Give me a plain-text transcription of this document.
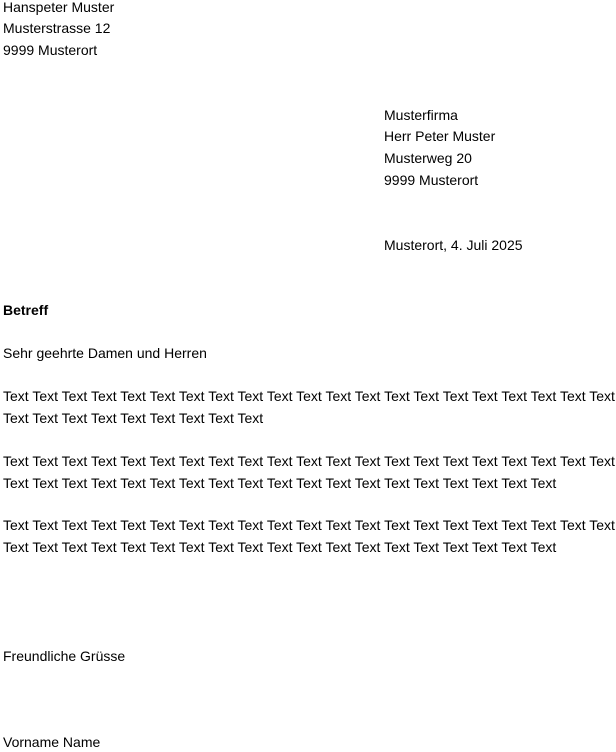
Hanspeter Muster

Musterstrasse 12

9999 Musterort

Musterfirma

Herr Peter Muster

Musterweg 20

9999 Musterort

Musterort, 4. Juli 2025

Betreff

Sehr geehrte Damen und Herren

Text Text Text Text Text Text Text Text Text Text Text Text Text Text Text Text Text Text Text Text Text

Text Text Text Text Text Text Text Text Text

Text Text Text Text Text Text Text Text Text Text Text Text Text Text Text Text Text Text Text Text Text

Text Text Text Text Text Text Text Text Text Text Text Text Text Text Text Text Text Text Text

Text Text Text Text Text Text Text Text Text Text Text Text Text Text Text Text Text Text Text Text Text

Text Text Text Text Text Text Text Text Text Text Text Text Text Text Text Text Text Text Text

Freundliche Grüsse

Vorname Name
